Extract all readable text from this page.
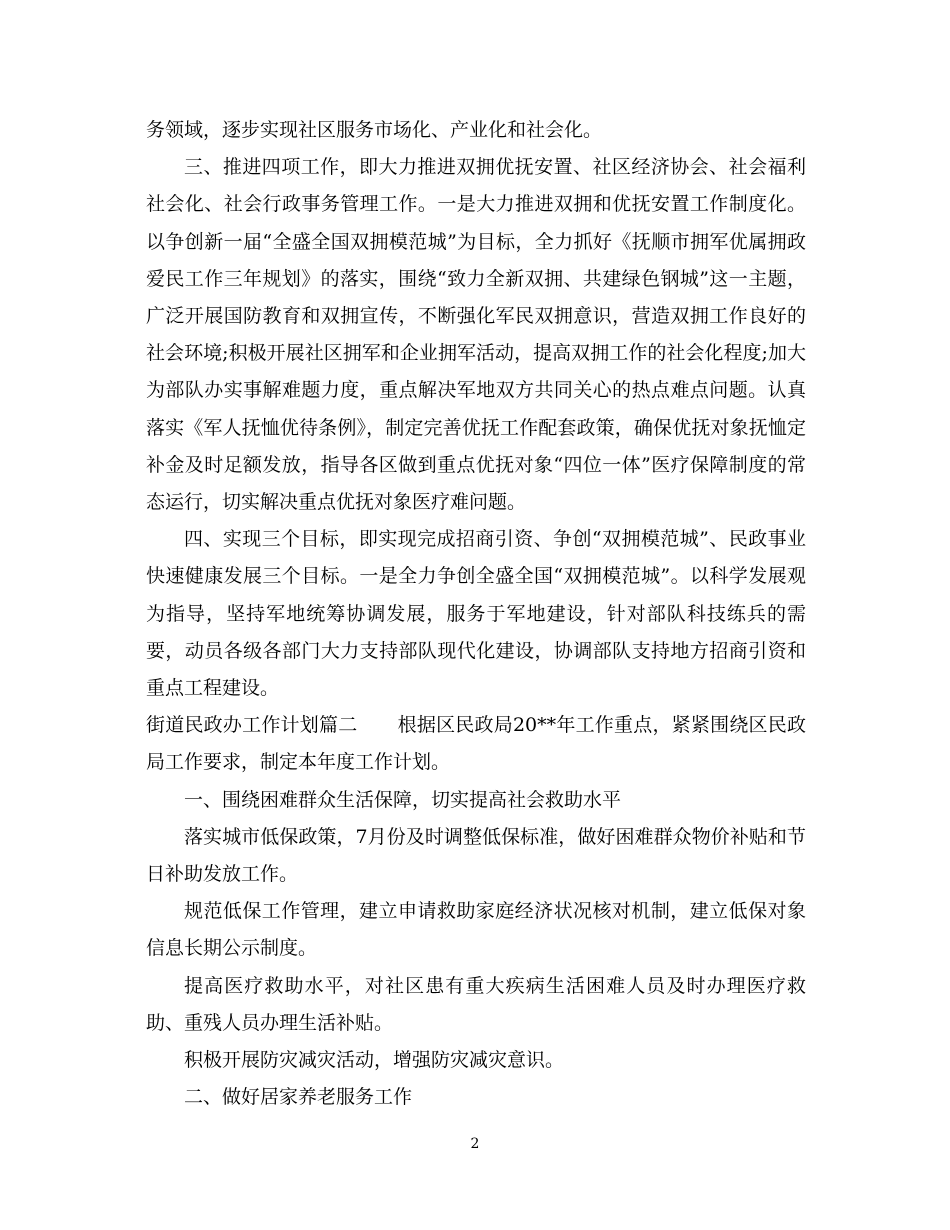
务领域，逐步实现社区服务市场化、产业化和社会化。

三、推进四项工作，即大力推进双拥优抚安置、社区经济协会、社会福利社会化、社会行政事务管理工作。一是大力推进双拥和优抚安置工作制度化。以争创新一届“全盛全国双拥模范城”为目标，全力抓好《抚顺市拥军优属拥政爱民工作三年规划》的落实，围绕“致力全新双拥、共建绿色钢城”这一主题，广泛开展国防教育和双拥宣传，不断强化军民双拥意识，营造双拥工作良好的社会环境;积极开展社区拥军和企业拥军活动，提高双拥工作的社会化程度;加大为部队办实事解难题力度，重点解决军地双方共同关心的热点难点问题。认真落实《军人抚恤优待条例》，制定完善优抚工作配套政策，确保优抚对象抚恤定补金及时足额发放，指导各区做到重点优抚对象“四位一体”医疗保障制度的常态运行，切实解决重点优抚对象医疗难问题。

四、实现三个目标，即实现完成招商引资、争创“双拥模范城”、民政事业快速健康发展三个目标。一是全力争创全盛全国“双拥模范城”。以科学发展观为指导，坚持军地统筹协调发展，服务于军地建设，针对部队科技练兵的需要，动员各级各部门大力支持部队现代化建设，协调部队支持地方招商引资和重点工程建设。

街道民政办工作计划篇二 根据区民政局20**年工作重点，紧紧围绕区民政局工作要求，制定本年度工作计划。

一、围绕困难群众生活保障，切实提高社会救助水平

落实城市低保政策，7月份及时调整低保标准，做好困难群众物价补贴和节日补助发放工作。

规范低保工作管理，建立申请救助家庭经济状况核对机制，建立低保对象信息长期公示制度。

提高医疗救助水平，对社区患有重大疾病生活困难人员及时办理医疗救助、重残人员办理生活补贴。

积极开展防灾减灾活动，增强防灾减灾意识。

二、做好居家养老服务工作

2
